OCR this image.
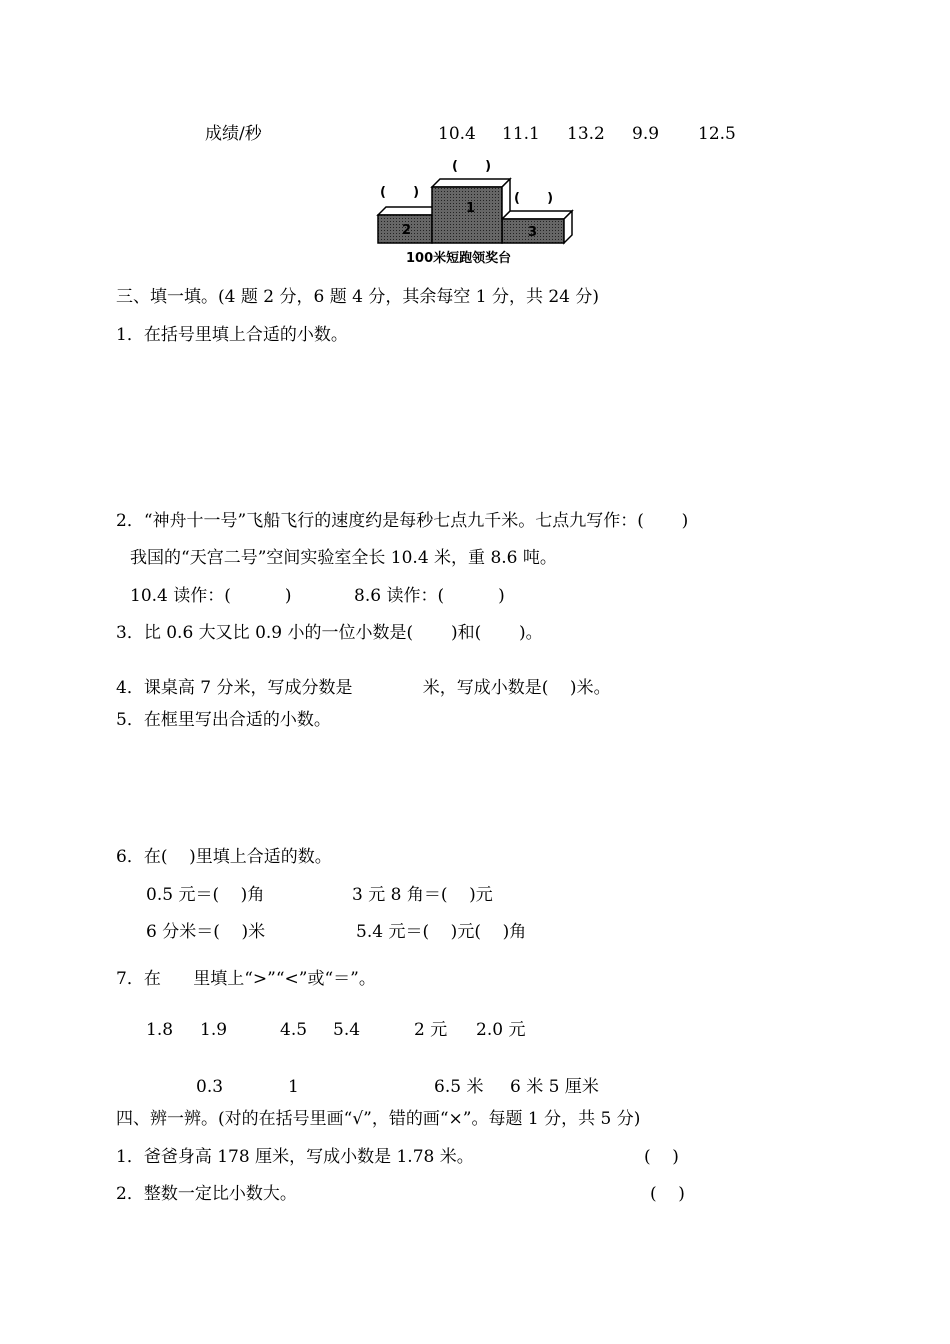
成绩/秒	10.4 11.1 13.2 9.9 12.5
(      )
(      )	(      )
1
2	3
100米短跑领奖台
三、填一填。(4 题 2 分，6 题 4 分，其余每空 1 分，共 24 分)
1．在括号里填上合适的小数。
2．“神舟十一号”飞船飞行的速度约是每秒七点九千米。七点九写作：(       )
我国的“天宫二号”空间实验室全长 10.4 米，重 8.6 吨。
10.4 读作：(          )	8.6 读作：(          )
3．比 0.6 大又比 0.9 小的一位小数是(       )和(       )。
4．课桌高 7 分米，写成分数是             米，写成小数是(    )米。
5．在框里写出合适的小数。
6．在(    )里填上合适的数。
0.5 元＝(    )角	3 元 8 角＝(    )元
6 分米＝(    )米	5.4 元＝(    )元(    )角
7．在      里填上“>”“<”或“＝”。
1.8 1.9	4.5 5.4	2 元 2.0 元
0.3	1	6.5 米 6 米 5 厘米
四、辨一辨。(对的在括号里画“√”，错的画“×”。每题 1 分，共 5 分)
1．爸爸身高 178 厘米，写成小数是 1.78 米。	(    )
2．整数一定比小数大。	(    )
